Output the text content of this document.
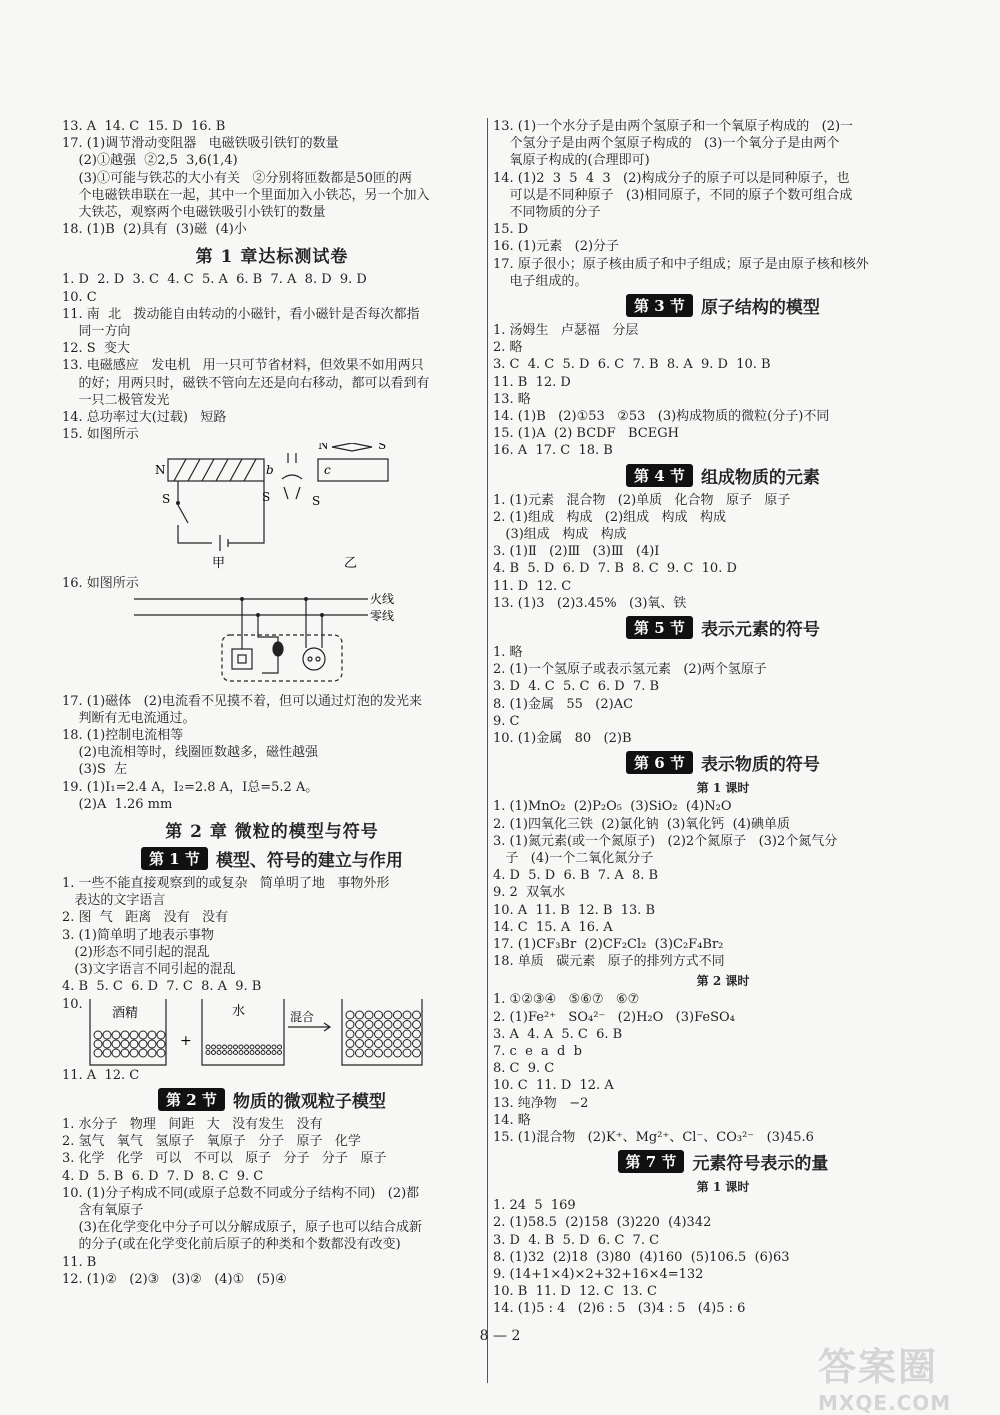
13. A  14. C  15. D  16. B
17. (1)调节滑动变阻器   电磁铁吸引铁钉的数量
(2)①越强  ②2,5  3,6(1,4)
(3)①可能与铁芯的大小有关   ②分别将匝数都是50匝的两
个电磁铁串联在一起，其中一个里面加入小铁芯，另一个加入
大铁芯，观察两个电磁铁吸引小铁钉的数量
18. (1)B  (2)具有  (3)磁  (4)小
第 1 章达标测试卷
1. D  2. D  3. C  4. C  5. A  6. B  7. A  8. D  9. D
10. C
11. 南  北   拨动能自由转动的小磁针，看小磁针是否每次都指
同一方向
12. S  变大
13. 电磁感应   发电机   用一只可节省材料，但效果不如用两只
的好；用两只时，磁铁不管向左还是向右移动，都可以看到有
一只二极管发光
14. 总功率过大(过载)   短路
15. 如图所示
N
S
b	c
N	S
S	S
甲	乙
16. 如图所示
火线
零线
17. (1)磁体   (2)电流看不见摸不着，但可以通过灯泡的发光来
判断有无电流通过。
18. (1)控制电流相等
(2)电流相等时，线圈匝数越多，磁性越强
(3)S  左
19. (1)I₁=2.4 A，I₂=2.8 A，I总=5.2 A。
(2)A  1.26 mm
第 2 章 微粒的模型与符号
第 1 节 模型、符号的建立与作用
1. 一些不能直接观察到的或复杂   简单明了地   事物外形
表达的文字语言
2. 图  气   距离   没有   没有
3. (1)简单明了地表示事物
(2)形态不同引起的混乱
(3)文字语言不同引起的混乱
4. B  5. C  6. D  7. C  8. A  9. B
10.
酒精	水	混合
+
11. A  12. C
第 2 节 物质的微观粒子模型
1. 水分子   物理   间距   大   没有发生   没有
2. 氢气   氧气   氢原子   氧原子   分子   原子   化学
3. 化学   化学   可以   不可以   原子   分子   分子   原子
4. D  5. B  6. D  7. D  8. C  9. C
10. (1)分子构成不同(或原子总数不同或分子结构不同)   (2)都
含有氧原子
(3)在化学变化中分子可以分解成原子，原子也可以结合成新
的分子(或在化学变化前后原子的种类和个数都没有改变)
11. B
12. (1)②   (2)③   (3)②   (4)①   (5)④
13. (1)一个水分子是由两个氢原子和一个氧原子构成的   (2)一
个氢分子是由两个氢原子构成的   (3)一个氧分子是由两个
氧原子构成的(合理即可)
14. (1)2  3  5  4  3   (2)构成分子的原子可以是同种原子，也
可以是不同种原子   (3)相同原子，不同的原子个数可组合成
不同物质的分子
15. D
16. (1)元素   (2)分子
17. 原子很小；原子核由质子和中子组成；原子是由原子核和核外
电子组成的。
第 3 节 原子结构的模型
1. 汤姆生   卢瑟福   分层
2. 略
3. C  4. C  5. D  6. C  7. B  8. A  9. D  10. B
11. B  12. D
13. 略
14. (1)B   (2)①53   ②53   (3)构成物质的微粒(分子)不同
15. (1)A  (2) BCDF   BCEGH
16. A  17. C  18. B
第 4 节 组成物质的元素
1. (1)元素   混合物   (2)单质   化合物   原子   原子
2. (1)组成   构成   (2)组成   构成   构成
(3)组成   构成   构成
3. (1)Ⅱ   (2)Ⅲ   (3)Ⅲ   (4)Ⅰ
4. B  5. D  6. D  7. B  8. C  9. C  10. D
11. D  12. C
13. (1)3   (2)3.45%   (3)氧、铁
第 5 节 表示元素的符号
1. 略
2. (1)一个氢原子或表示氢元素   (2)两个氢原子
3. D  4. C  5. C  6. D  7. B
8. (1)金属   55   (2)AC
9. C
10. (1)金属   80   (2)B
第 6 节 表示物质的符号
第 1 课时
1. (1)MnO₂  (2)P₂O₅  (3)SiO₂  (4)N₂O
2. (1)四氧化三铁  (2)氯化钠  (3)氧化钙  (4)碘单质
3. (1)氮元素(或一个氮原子)   (2)2个氮原子   (3)2个氮气分
子   (4)一个二氧化氮分子
4. D  5. D  6. B  7. A  8. B
9. 2  双氧水
10. A  11. B  12. B  13. B
14. C  15. A  16. A
17. (1)CF₃Br  (2)CF₂Cl₂  (3)C₂F₄Br₂
18. 单质   碳元素   原子的排列方式不同
第 2 课时
1. ①②③④   ⑤⑥⑦   ⑥⑦
2. (1)Fe²⁺   SO₄²⁻   (2)H₂O   (3)FeSO₄
3. A  4. A  5. C  6. B
7. c  e  a  d  b
8. C  9. C
10. C  11. D  12. A
13. 纯净物   −2
14. 略
15. (1)混合物   (2)K⁺、Mg²⁺、Cl⁻、CO₃²⁻   (3)45.6
第 7 节 元素符号表示的量
第 1 课时
1. 24  5  169
2. (1)58.5  (2)158  (3)220  (4)342
3. D  4. B  5. D  6. C  7. C
8. (1)32  (2)18  (3)80  (4)160  (5)106.5  (6)63
9. (14+1×4)×2+32+16×4=132
10. B  11. D  12. C  13. C
14. (1)5 : 4   (2)6 : 5   (3)4 : 5   (4)5 : 6
8 — 2
答案圈
MXQE.COM
